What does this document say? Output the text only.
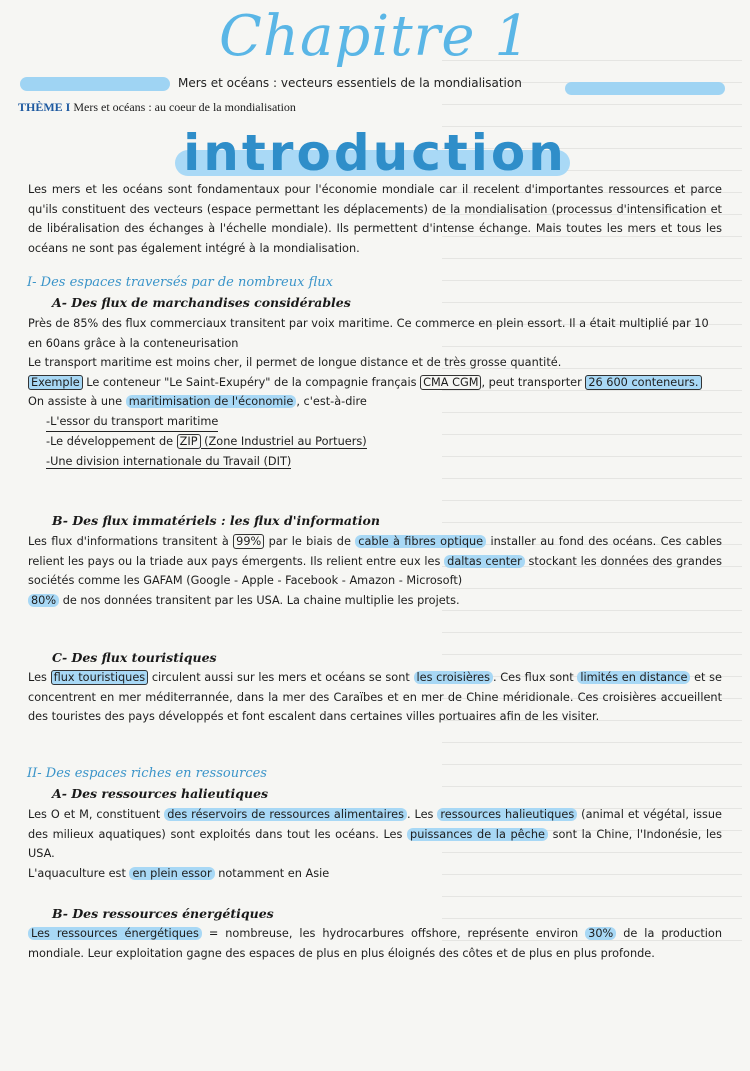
Chapitre 1
Mers et océans : vecteurs essentiels de la mondialisation
THÈME I Mers et océans : au coeur de la mondialisation
introduction
Les mers et les océans sont fondamentaux pour l'économie mondiale car il recelent d'importantes ressources et parce qu'ils constituent des vecteurs (espace permettant les déplacements) de la mondialisation (processus d'intensification et de libéralisation des échanges à l'échelle mondiale). Ils permettent d'intense échange. Mais toutes les mers et tous les océans ne sont pas également intégré à la mondialisation.
I- Des espaces traversés par de nombreux flux
A- Des flux de marchandises considérables
Près de 85% des flux commerciaux transitent par voix maritime. Ce commerce en plein essort. Il a était multiplié par 10 en 60ans grâce à la conteneurisation
Le transport maritime est moins cher, il permet de longue distance et de très grosse quantité.
Exemple Le conteneur "Le Saint-Exupéry" de la compagnie français CMA CGM , peut transporter 26 600 conteneurs.
On assiste à une maritimisation de l'économie , c'est-à-dire
-L'essor du transport maritime
-Le développement de ZIP (Zone Industriel au Portuers)
-Une division internationale du Travail (DIT)
B- Des flux immatériels : les flux d'information
Les flux d'informations transitent à 99% par le biais de cable à fibres optique installer au fond des océans. Ces cables relient les pays ou la triade aux pays émergents. Ils relient entre eux les daltas center stockant les données des grandes sociétés comme les GAFAM (Google - Apple - Facebook - Amazon - Microsoft)
80% de nos données transitent par les USA. La chaine multiplie les projets.
C- Des flux touristiques
Les flux touristiques circulent aussi sur les mers et océans se sont les croisières . Ces flux sont limités en distance et se concentrent en mer méditerrannée, dans la mer des Caraïbes et en mer de Chine méridionale. Ces croisières accueillent des touristes des pays développés et font escalent dans certaines villes portuaires afin de les visiter.
II- Des espaces riches en ressources
A- Des ressources halieutiques
Les O et M, constituent des réservoirs de ressources alimentaires . Les ressources halieutiques (animal et végétal, issue des milieux aquatiques) sont exploités dans tout les océans. Les puissances de la pêche sont la Chine, l'Indonésie, les USA.
L'aquaculture est en plein essor notamment en Asie
B- Des ressources énergétiques
Les ressources énergétiques = nombreuse, les hydrocarbures offshore, représente environ 30% de la production mondiale. Leur exploitation gagne des espaces de plus en plus éloignés des côtes et de plus en plus profonde.
